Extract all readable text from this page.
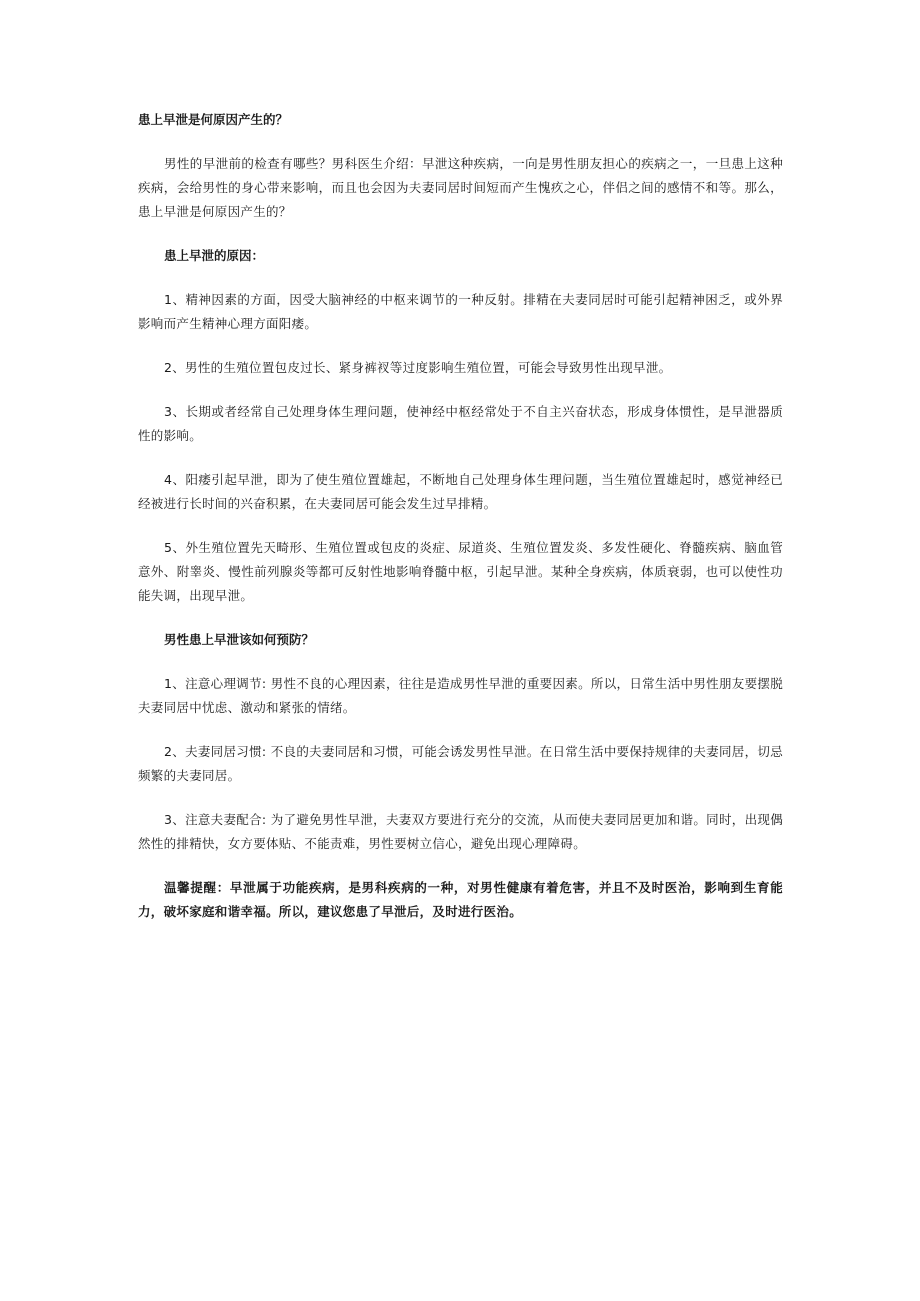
患上早泄是何原因产生的？

男性的早泄前的检查有哪些？男科医生介绍：早泄这种疾病，一向是男性朋友担心的疾病之一，一旦患上这种疾病，会给男性的身心带来影响，而且也会因为夫妻同居时间短而产生愧疚之心，伴侣之间的感情不和等。那么，患上早泄是何原因产生的？

患上早泄的原因：

1、精神因素的方面，因受大脑神经的中枢来调节的一种反射。排精在夫妻同居时可能引起精神困乏，或外界影响而产生精神心理方面阳痿。

2、男性的生殖位置包皮过长、紧身裤衩等过度影响生殖位置，可能会导致男性出现早泄。

3、长期或者经常自己处理身体生理问题，使神经中枢经常处于不自主兴奋状态，形成身体惯性，是早泄器质性的影响。

4、阳痿引起早泄，即为了使生殖位置雄起，不断地自己处理身体生理问题，当生殖位置雄起时，感觉神经已经被进行长时间的兴奋积累，在夫妻同居可能会发生过早排精。

5、外生殖位置先天畸形、生殖位置或包皮的炎症、尿道炎、生殖位置发炎、多发性硬化、脊髓疾病、脑血管意外、附睾炎、慢性前列腺炎等都可反射性地影响脊髓中枢，引起早泄。某种全身疾病，体质衰弱，也可以使性功能失调，出现早泄。

男性患上早泄该如何预防？

1、注意心理调节: 男性不良的心理因素，往往是造成男性早泄的重要因素。所以，日常生活中男性朋友要摆脱夫妻同居中忧虑、激动和紧张的情绪。

2、夫妻同居习惯: 不良的夫妻同居和习惯，可能会诱发男性早泄。在日常生活中要保持规律的夫妻同居，切忌频繁的夫妻同居。

3、注意夫妻配合: 为了避免男性早泄，夫妻双方要进行充分的交流，从而使夫妻同居更加和谐。同时，出现偶然性的排精快，女方要体贴、不能责难，男性要树立信心，避免出现心理障碍。

温馨提醒：早泄属于功能疾病，是男科疾病的一种，对男性健康有着危害，并且不及时医治，影响到生育能力，破坏家庭和谐幸福。所以，建议您患了早泄后，及时进行医治。
